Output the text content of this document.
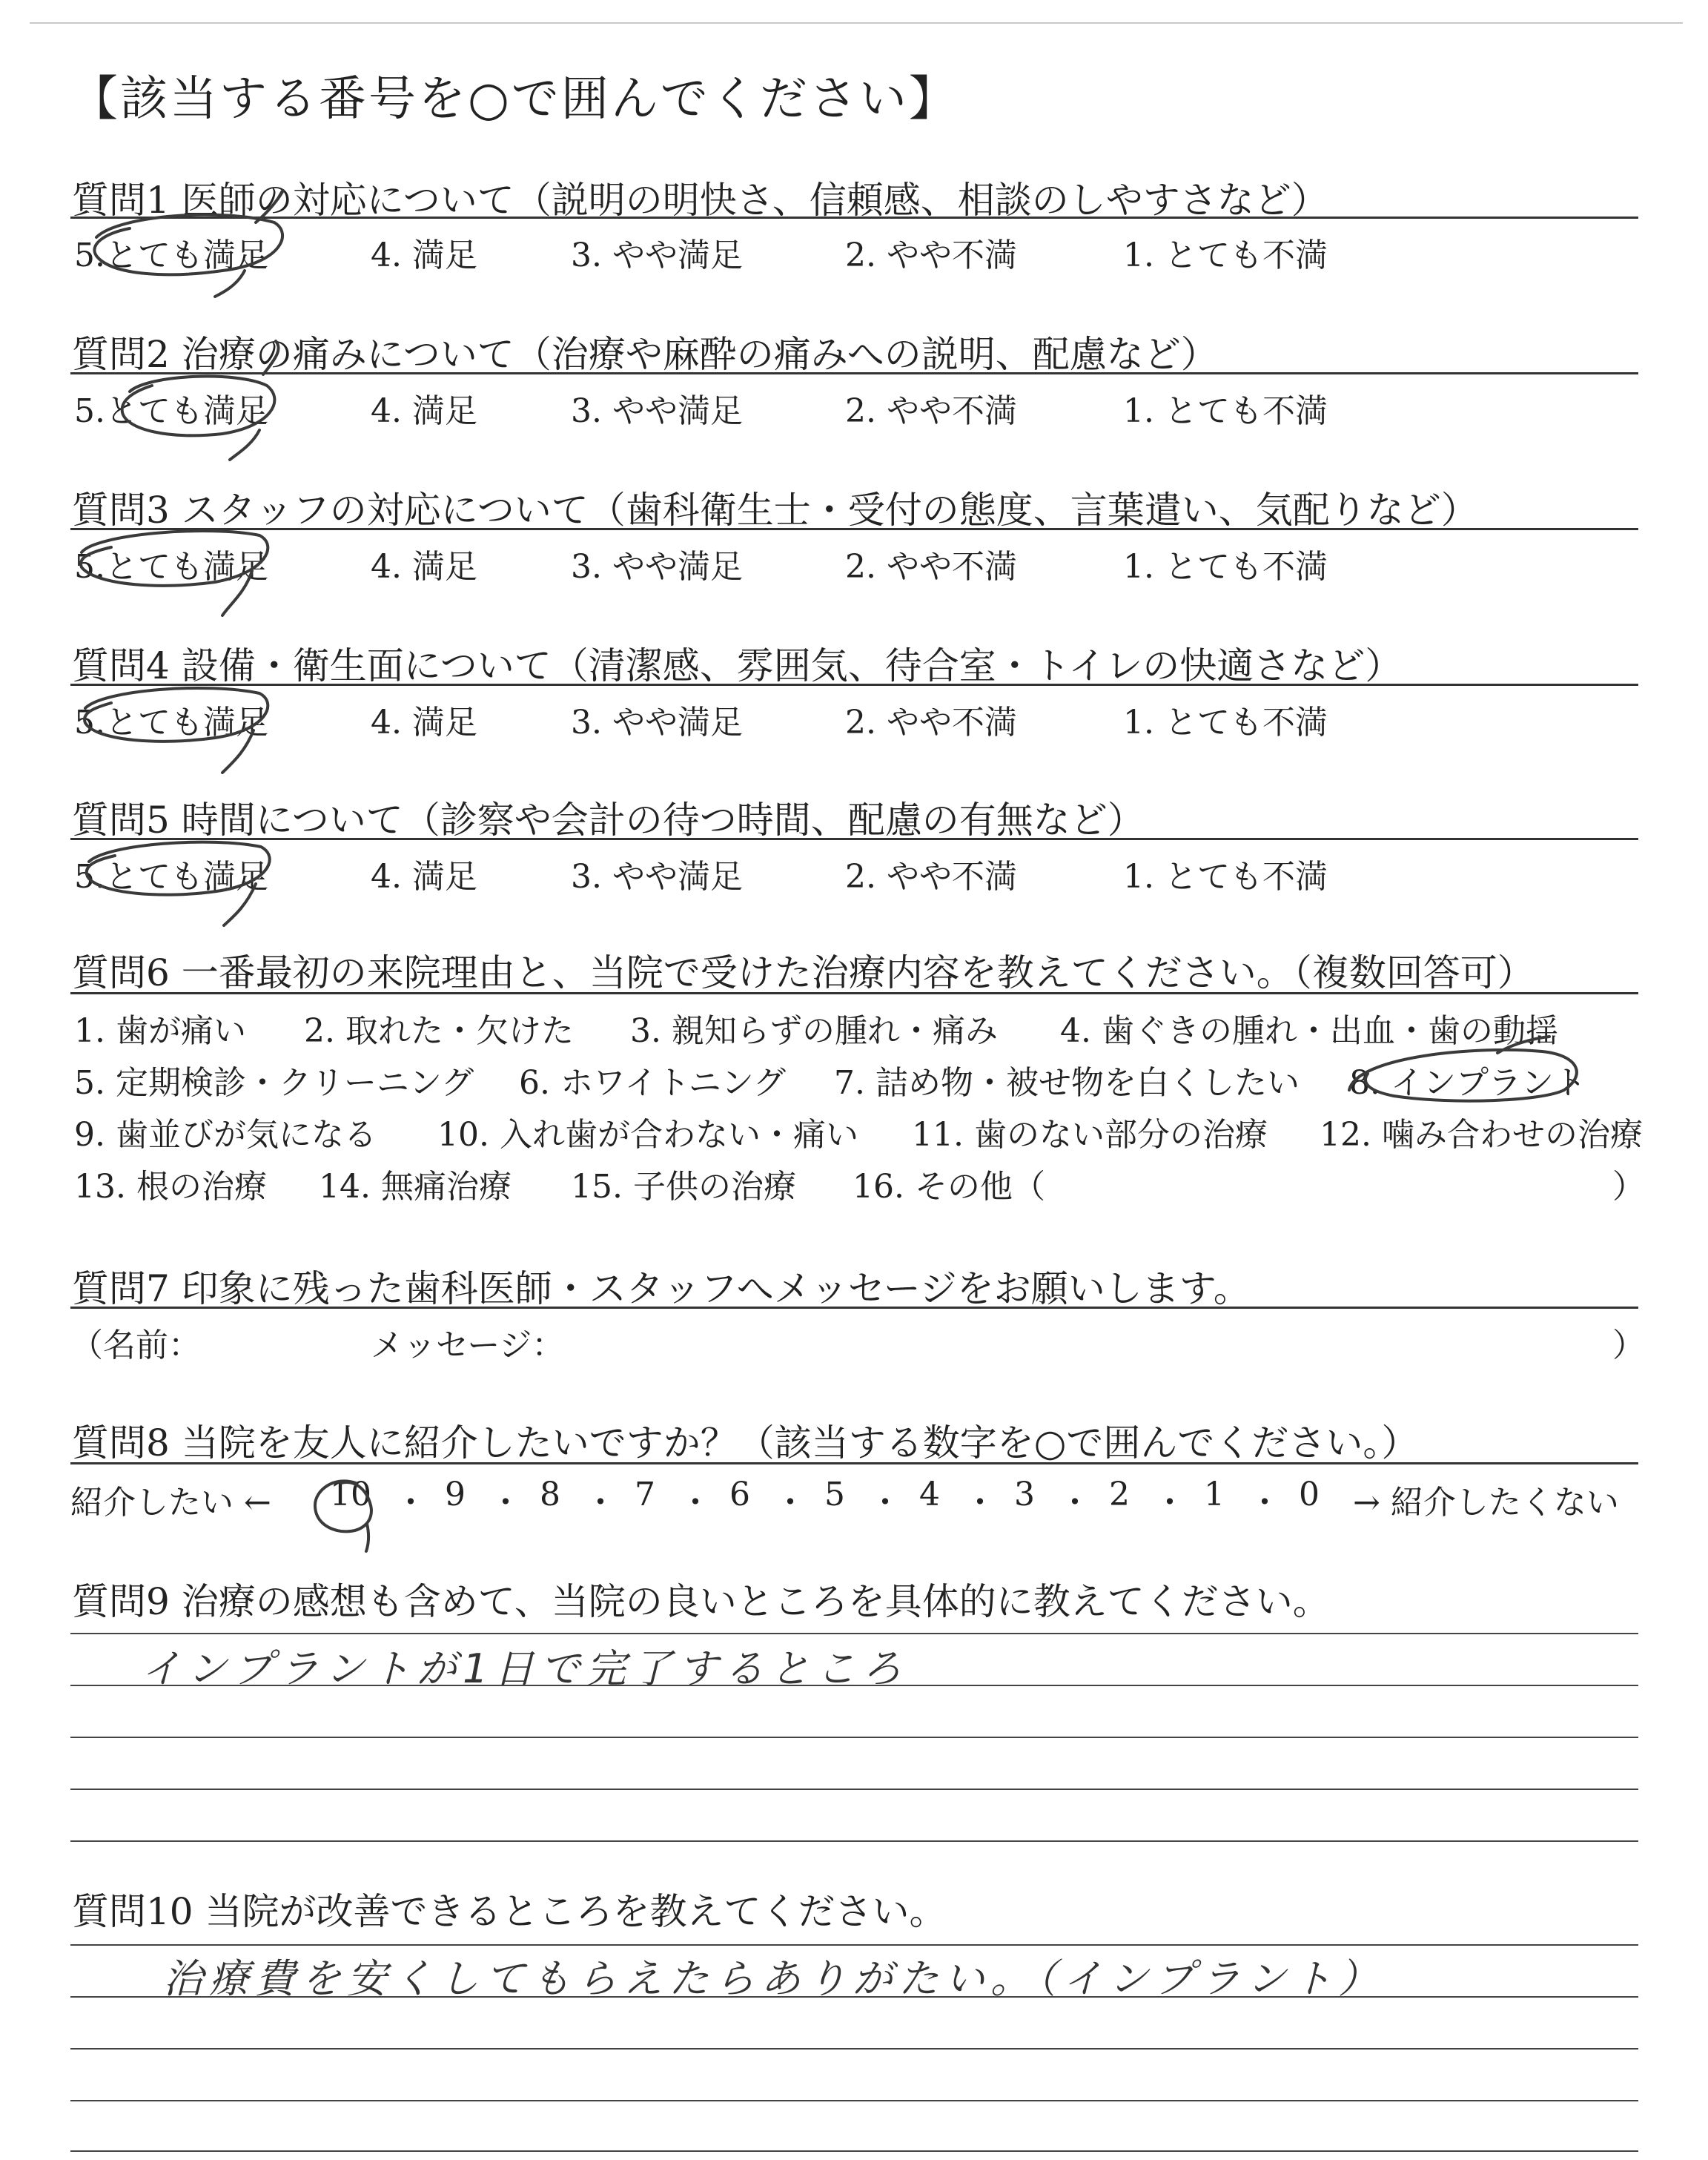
【該当する番号を○で囲んでください】
質問1 医師の対応について（説明の明快さ、信頼感、相談のしやすさなど）
5.とても満足	4. 満足	3. やや満足	2. やや不満	1. とても不満
質問2 治療の痛みについて（治療や麻酔の痛みへの説明、配慮など）
5.とても満足	4. 満足	3. やや満足	2. やや不満	1. とても不満
質問3 スタッフの対応について（歯科衛生士・受付の態度、言葉遣い、気配りなど）
5.とても満足	4. 満足	3. やや満足	2. やや不満	1. とても不満
質問4 設備・衛生面について（清潔感、雰囲気、待合室・トイレの快適さなど）
5.とても満足	4. 満足	3. やや満足	2. やや不満	1. とても不満
質問5 時間について（診察や会計の待つ時間、配慮の有無など）
5.とても満足	4. 満足	3. やや満足	2. やや不満	1. とても不満
質問6 一番最初の来院理由と、当院で受けた治療内容を教えてください。（複数回答可）
1. 歯が痛い 2. 取れた・欠けた 3. 親知らずの腫れ・痛み 4. 歯ぐきの腫れ・出血・歯の動揺
5. 定期検診・クリーニング 6. ホワイトニング 7. 詰め物・被せ物を白くしたい 8. インプラント
9. 歯並びが気になる 10. 入れ歯が合わない・痛い 11. 歯のない部分の治療 12. 噛み合わせの治療
13. 根の治療 14. 無痛治療 15. 子供の治療 16. その他（	）
質問7 印象に残った歯科医師・スタッフへメッセージをお願いします。
（名前：	メッセージ：	）
質問8 当院を友人に紹介したいですか？（該当する数字を○で囲んでください。）
紹介したい ← 10 ・ 9 ・ 8 ・ 7 ・ 6 ・ 5 ・ 4 ・ 3 ・ 2 ・ 1 ・ 0 → 紹介したくない
質問9 治療の感想も含めて、当院の良いところを具体的に教えてください。
インプラントが1日で完了するところ
質問10 当院が改善できるところを教えてください。
治療費を安くしてもらえたらありがたい。（インプラント）
